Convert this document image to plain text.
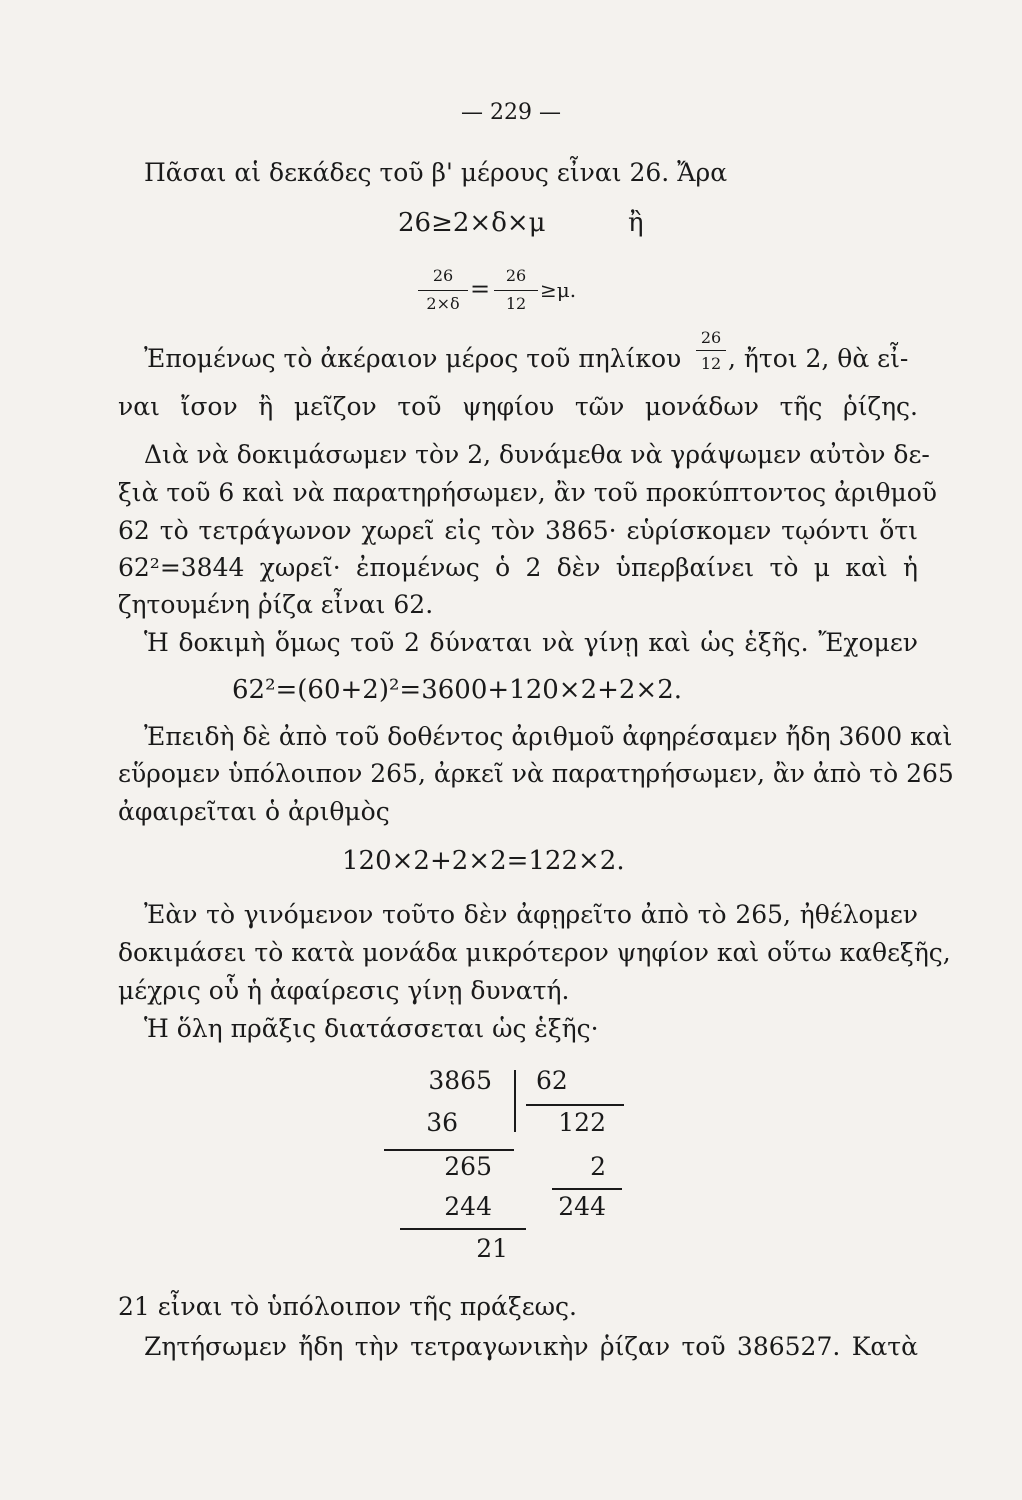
— 229 —
Πᾶσαι αἱ δεκάδες τοῦ β' μέρους εἶναι 26. Ἄρα
26≥2×δ×μ	ἢ
26
2×δ
= 26
12
≥μ.
Ἐπομένως τὸ ἀκέραιον μέρος τοῦ πηλίκου
26
12 , ἤτοι 2, θὰ εἶ-
ναι ἴσον ἢ μεῖζον τοῦ ψηφίου τῶν μονάδων τῆς ῥίζης.
Διὰ νὰ δοκιμάσωμεν τὸν 2, δυνάμεθα νὰ γράψωμεν αὐτὸν δε-
ξιὰ τοῦ 6 καὶ νὰ παρατηρήσωμεν, ἂν τοῦ προκύπτοντος ἀριθμοῦ
62 τὸ τετράγωνον χωρεῖ εἰς τὸν 3865· εὑρίσκομεν τῳόντι ὅτι
62²=3844 χωρεῖ· ἐπομένως ὁ 2 δὲν ὑπερβαίνει τὸ μ καὶ ἡ
ζητουμένη ῥίζα εἶναι 62.
Ἡ δοκιμὴ ὅμως τοῦ 2 δύναται νὰ γίνῃ καὶ ὡς ἑξῆς. Ἔχομεν
62²=(60+2)²=3600+120×2+2×2.
Ἐπειδὴ δὲ ἀπὸ τοῦ δοθέντος ἀριθμοῦ ἀφηρέσαμεν ἤδη 3600 καὶ
εὕρομεν ὑπόλοιπον 265, ἀρκεῖ νὰ παρατηρήσωμεν, ἂν ἀπὸ τὸ 265
ἀφαιρεῖται ὁ ἀριθμὸς
120×2+2×2=122×2.
Ἐὰν τὸ γινόμενον τοῦτο δὲν ἀφῃρεῖτο ἀπὸ τὸ 265, ἠθέλομεν
δοκιμάσει τὸ κατὰ μονάδα μικρότερον ψηφίον καὶ οὕτω καθεξῆς,
μέχρις οὗ ἡ ἀφαίρεσις γίνῃ δυνατή.
Ἡ ὅλη πρᾶξις διατάσσεται ὡς ἑξῆς·
3865
36
265
244
21
62
122
2
244
21 εἶναι τὸ ὑπόλοιπον τῆς πράξεως.
Ζητήσωμεν ἤδη τὴν τετραγωνικὴν ῥίζαν τοῦ 386527. Κατὰ
